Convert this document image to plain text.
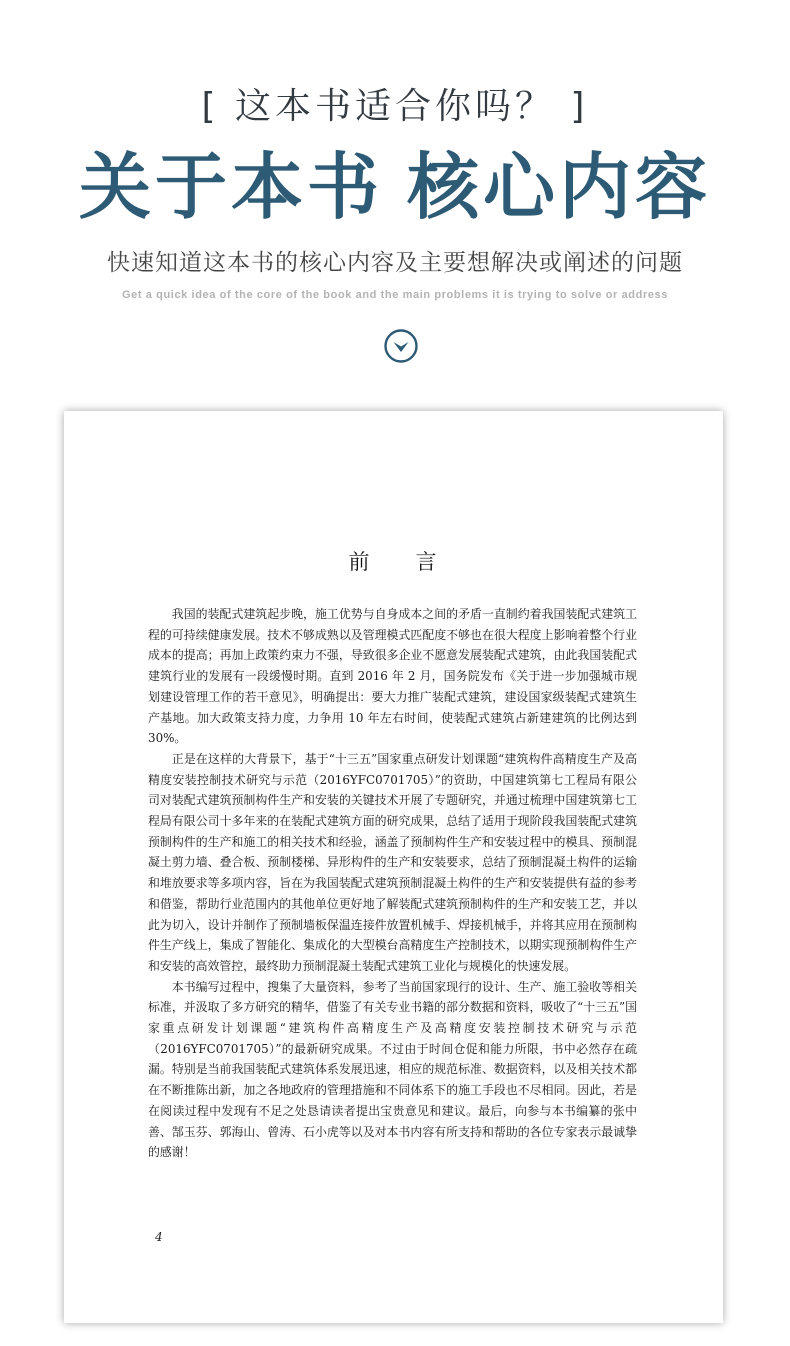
[ 这本书适合你吗？ ]
关于本书 核心内容
快速知道这本书的核心内容及主要想解决或阐述的问题
Get a quick idea of the core of the book and the main problems it is trying to solve or address
前 言

我国的装配式建筑起步晚，施工优势与自身成本之间的矛盾一直制约着我国装配式建筑工程的可持续健康发展。技术不够成熟以及管理模式匹配度不够也在很大程度上影响着整个行业成本的提高；再加上政策约束力不强，导致很多企业不愿意发展装配式建筑，由此我国装配式建筑行业的发展有一段缓慢时期。直到 2016 年 2 月，国务院发布《关于进一步加强城市规划建设管理工作的若干意见》，明确提出：要大力推广装配式建筑，建设国家级装配式建筑生产基地。加大政策支持力度，力争用 10 年左右时间，使装配式建筑占新建建筑的比例达到 30%。

正是在这样的大背景下，基于“十三五”国家重点研发计划课题“建筑构件高精度生产及高精度安装控制技术研究与示范（2016YFC0701705）”的资助，中国建筑第七工程局有限公司对装配式建筑预制构件生产和安装的关键技术开展了专题研究，并通过梳理中国建筑第七工程局有限公司十多年来的在装配式建筑方面的研究成果，总结了适用于现阶段我国装配式建筑预制构件的生产和施工的相关技术和经验，涵盖了预制构件生产和安装过程中的模具、预制混凝土剪力墙、叠合板、预制楼梯、异形构件的生产和安装要求，总结了预制混凝土构件的运输和堆放要求等多项内容，旨在为我国装配式建筑预制混凝土构件的生产和安装提供有益的参考和借鉴，帮助行业范围内的其他单位更好地了解装配式建筑预制构件的生产和安装工艺，并以此为切入，设计并制作了预制墙板保温连接件放置机械手、焊接机械手，并将其应用在预制构件生产线上，集成了智能化、集成化的大型模台高精度生产控制技术，以期实现预制构件生产和安装的高效管控，最终助力预制混凝土装配式建筑工业化与规模化的快速发展。

本书编写过程中，搜集了大量资料，参考了当前国家现行的设计、生产、施工验收等相关标准，并汲取了多方研究的精华，借鉴了有关专业书籍的部分数据和资料，吸收了“十三五”国家重点研发计划课题“建筑构件高精度生产及高精度安装控制技术研究与示范（2016YFC0701705）”的最新研究成果。不过由于时间仓促和能力所限，书中必然存在疏漏。特别是当前我国装配式建筑体系发展迅速，相应的规范标准、数据资料，以及相关技术都在不断推陈出新，加之各地政府的管理措施和不同体系下的施工手段也不尽相同。因此，若是在阅读过程中发现有不足之处恳请读者提出宝贵意见和建议。最后，向参与本书编纂的张中善、郜玉芬、郭海山、曾涛、石小虎等以及对本书内容有所支持和帮助的各位专家表示最诚挚的感谢！

4
